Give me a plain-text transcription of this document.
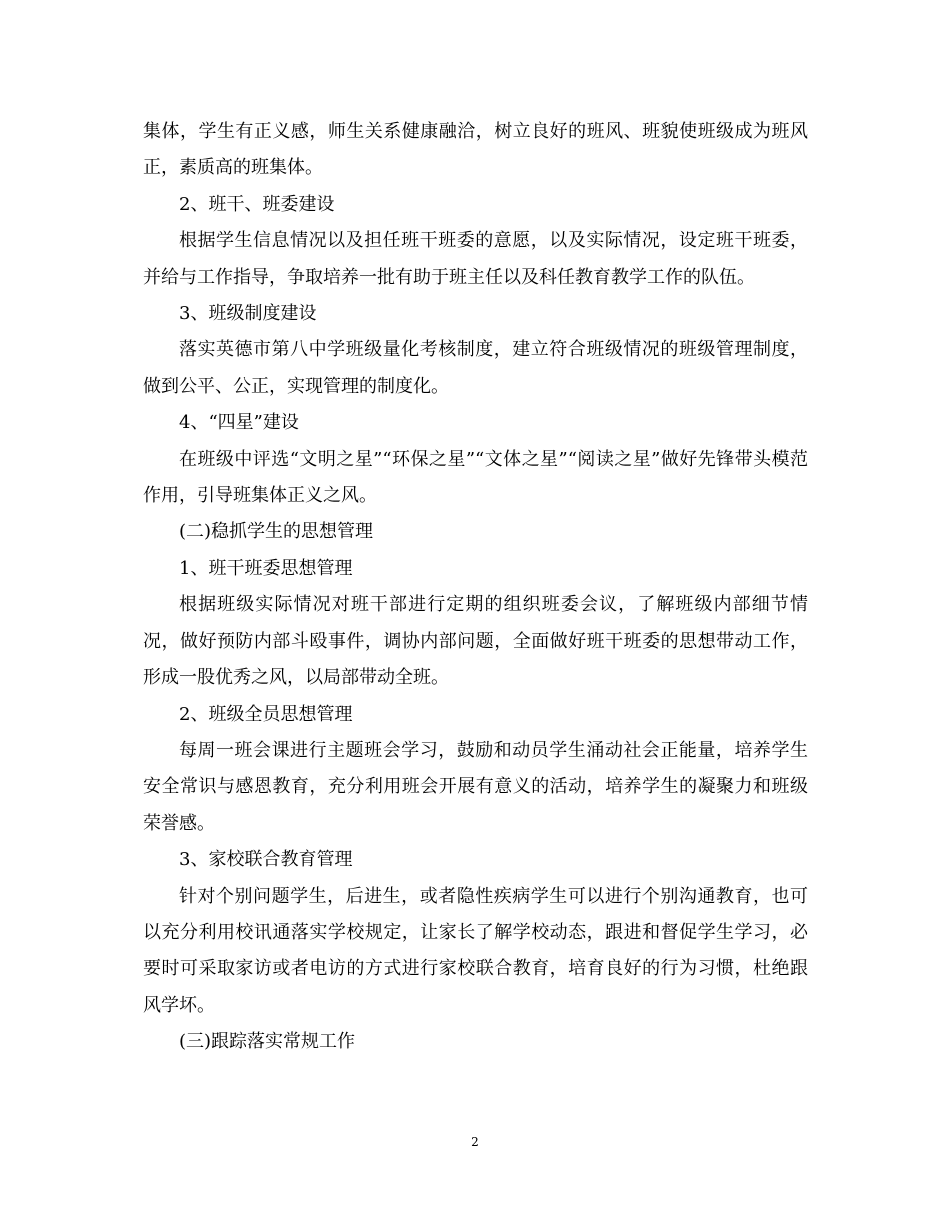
集体，学生有正义感，师生关系健康融洽，树立良好的班风、班貌使班级成为班风正，素质高的班集体。

2、班干、班委建设

根据学生信息情况以及担任班干班委的意愿，以及实际情况，设定班干班委，并给与工作指导，争取培养一批有助于班主任以及科任教育教学工作的队伍。

3、班级制度建设

落实英德市第八中学班级量化考核制度，建立符合班级情况的班级管理制度，做到公平、公正，实现管理的制度化。

4、“四星”建设

在班级中评选“文明之星”“环保之星”“文体之星”“阅读之星”做好先锋带头模范作用，引导班集体正义之风。

(二)稳抓学生的思想管理

1、班干班委思想管理

根据班级实际情况对班干部进行定期的组织班委会议，了解班级内部细节情况，做好预防内部斗殴事件，调协内部问题，全面做好班干班委的思想带动工作，形成一股优秀之风，以局部带动全班。

2、班级全员思想管理

每周一班会课进行主题班会学习，鼓励和动员学生涌动社会正能量，培养学生安全常识与感恩教育，充分利用班会开展有意义的活动，培养学生的凝聚力和班级荣誉感。

3、家校联合教育管理

针对个别问题学生，后进生，或者隐性疾病学生可以进行个别沟通教育，也可以充分利用校讯通落实学校规定，让家长了解学校动态，跟进和督促学生学习，必要时可采取家访或者电访的方式进行家校联合教育，培育良好的行为习惯，杜绝跟风学坏。

(三)跟踪落实常规工作

2
